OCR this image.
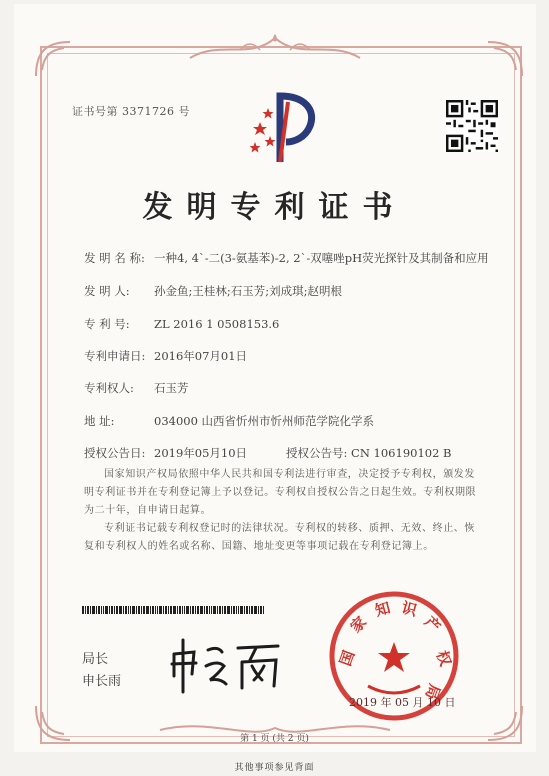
证书号第 3371726 号
发明专利证书
发 明 名 称: 一种4, 4`-二(3-氨基苯)-2, 2`-双噻唑pH荧光探针及其制备和应用
发 明 人: 孙金鱼;王桂林;石玉芳;刘成琪;赵明根
专 利 号: ZL 2016 1 0508153.6
专利申请日: 2016年07月01日
专利权人: 石玉芳
地 址:	034000 山西省忻州市忻州师范学院化学系
授权公告日: 2019年05月10日	授权公告号: CN 106190102 B
国家知识产权局依照中华人民共和国专利法进行审查，决定授予专利权，颁发发明专利证书并在专利登记簿上予以登记。专利权自授权公告之日起生效。专利权期限为二十年，自申请日起算。
专利证书记载专利权登记时的法律状况。专利权的转移、质押、无效、终止、恢复和专利权人的姓名或名称、国籍、地址变更等事项记载在专利登记簿上。
局长
申长雨
国
家
知 识
产
权
局
2019 年 05 月 10 日
第 1 页 (共 2 页)
其他事项参见背面
